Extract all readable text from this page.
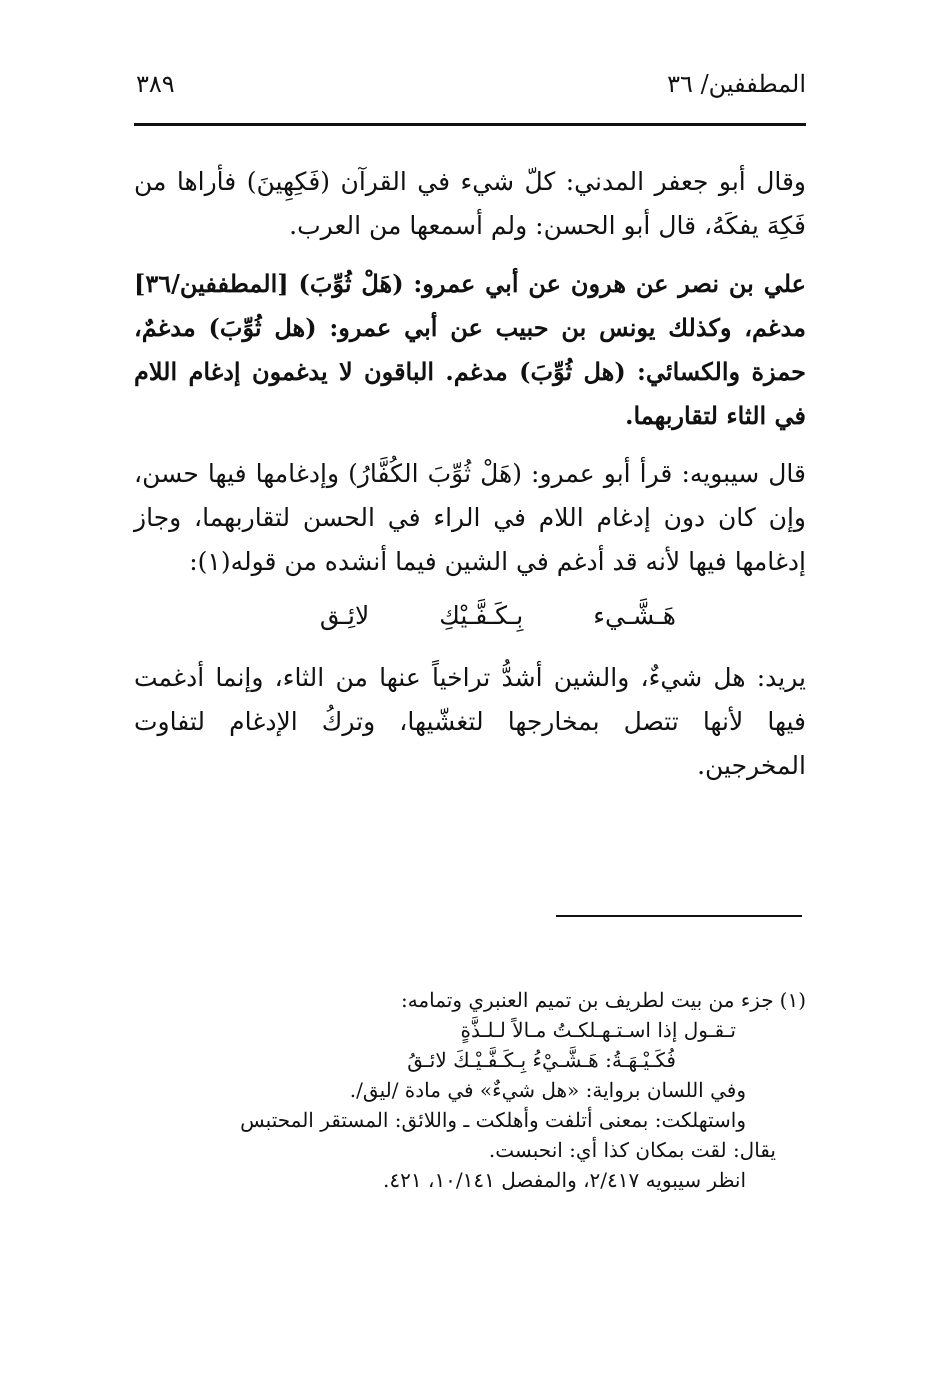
المطففين/ ٣٦
٣٨٩

وقال أبو جعفر المدني: كلّ شيء في القرآن (فَكِهِينَ) فأراها من فَكِهَ يفكَهُ، قال أبو الحسن: ولم أسمعها من العرب.

علي بن نصر عن هرون عن أبي عمرو: (هَلْ ثُوِّبَ) [المطففين/٣٦] مدغم، وكذلك يونس بن حبيب عن أبي عمرو: (هل ثُوِّبَ) مدغمٌ، حمزة والكسائي: (هل ثُوِّبَ) مدغم. الباقون لا يدغمون إدغام اللام في الثاء لتقاربهما.

قال سيبويه: قرأ أبو عمرو: (هَلْ ثُوِّبَ الكُفَّارُ) وإدغامها فيها حسن، وإن كان دون إدغام اللام في الراء في الحسن لتقاربهما، وجاز إدغامها فيها لأنه قد أدغم في الشين فيما أنشده من قوله(١):

هَـشَّـيء
بِـكَـفَّـيْكِ
لائِـق

يريد: هل شيءٌ، والشين أشدُّ تراخياً عنها من الثاء، وإنما أدغمت فيها لأنها تتصل بمخارجها لتغشّيها، وتركُ الإدغام لتفاوت المخرجين.

(١)جزء من بيت لطريف بن تميم العنبري وتمامه:
تـقـول إذا اسـتـهـلكـتُ مـالاً لـلـذَّةٍ
فُكَـيْـهَـةُ: هَـشَّـيْءُ بِـكَـفَّـيْـكَ لائـقُ
وفي اللسان برواية: «هل شيءٌ» في مادة /ليق/.
واستهلكت: بمعنى أتلفت وأهلكت ـ واللائق: المستقر المحتبس
يقال: لقت بمكان كذا أي: انحبست.
انظر سيبويه ٢/٤١٧، والمفصل ١٠/١٤١، ٤٢١.
